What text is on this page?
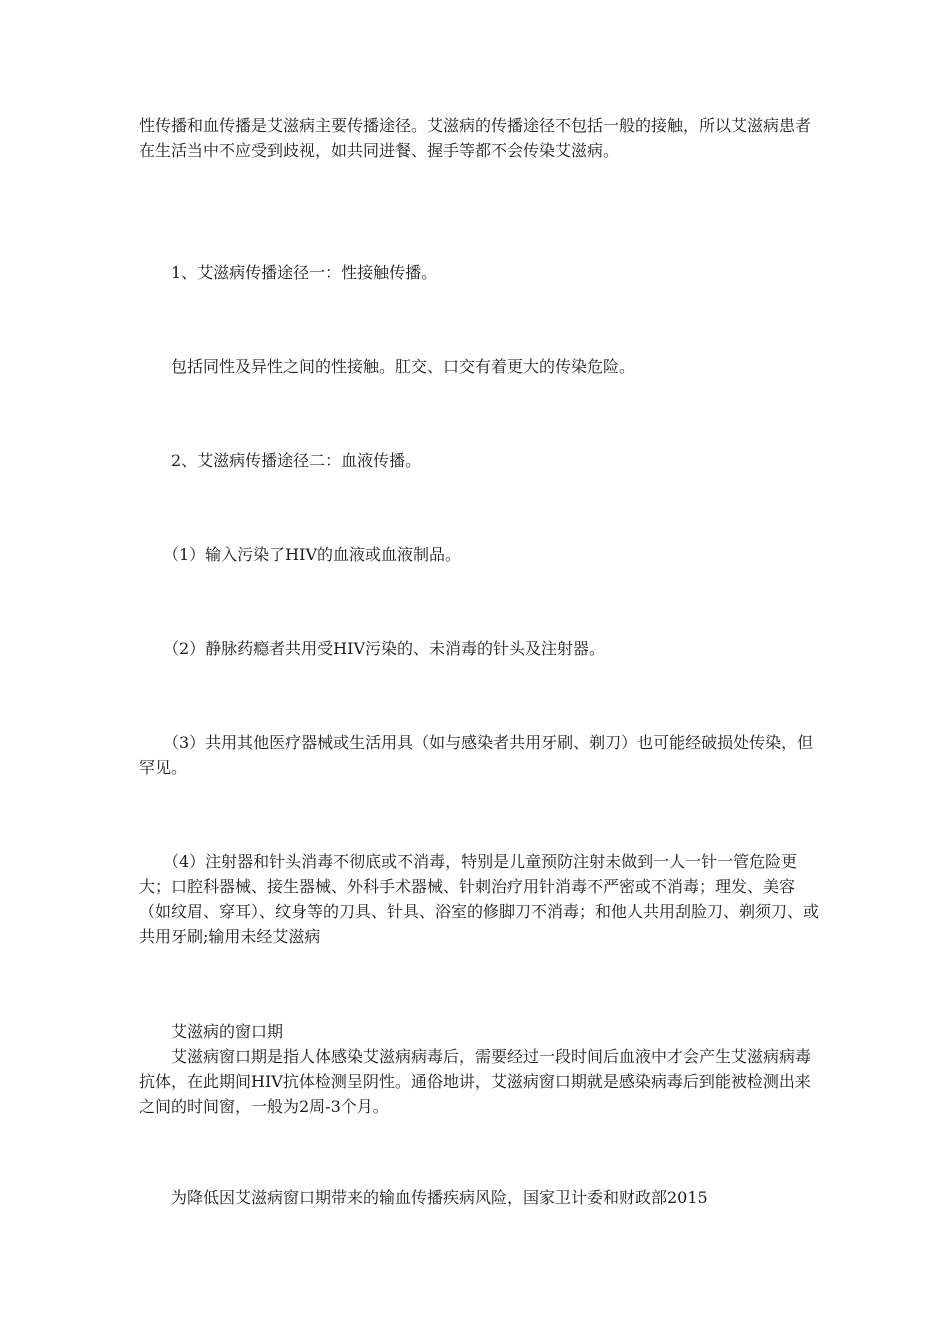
性传播和血传播是艾滋病主要传播途径。艾滋病的传播途径不包括一般的接触，所以艾滋病患者在生活当中不应受到歧视，如共同进餐、握手等都不会传染艾滋病。

　　1、艾滋病传播途径一：性接触传播。

　　包括同性及异性之间的性接触。肛交、口交有着更大的传染危险。

　　2、艾滋病传播途径二：血液传播。

　　（1）输入污染了HIV的血液或血液制品。

　　（2）静脉药瘾者共用受HIV污染的、未消毒的针头及注射器。

　　（3）共用其他医疗器械或生活用具（如与感染者共用牙刷、剃刀）也可能经破损处传染，但罕见。

　　（4）注射器和针头消毒不彻底或不消毒，特别是儿童预防注射未做到一人一针一管危险更大；口腔科器械、接生器械、外科手术器械、针刺治疗用针消毒不严密或不消毒；理发、美容（如纹眉、穿耳）、纹身等的刀具、针具、浴室的修脚刀不消毒；和他人共用刮脸刀、剃须刀、或共用牙刷;输用未经艾滋病

　　艾滋病的窗口期
　　艾滋病窗口期是指人体感染艾滋病病毒后，需要经过一段时间后血液中才会产生艾滋病病毒抗体，在此期间HIV抗体检测呈阴性。通俗地讲，艾滋病窗口期就是感染病毒后到能被检测出来之间的时间窗，一般为2周-3个月。

　　为降低因艾滋病窗口期带来的输血传播疾病风险，国家卫计委和财政部2015
